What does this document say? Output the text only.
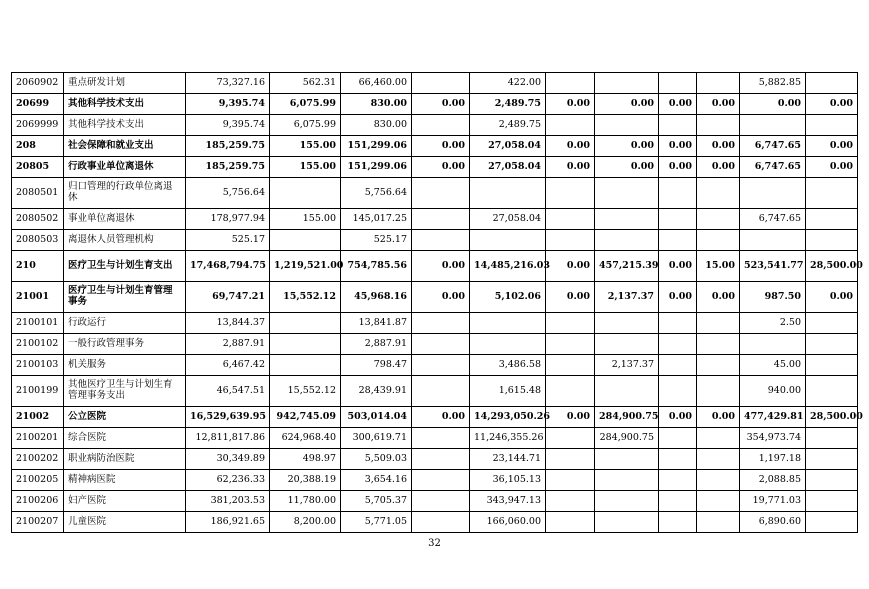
2060902	重点研发计划	73,327.16	562.31	66,460.00		422.00					5,882.85	
20699	其他科学技术支出	9,395.74	6,075.99	830.00	0.00	2,489.75	0.00	0.00	0.00	0.00	0.00	0.00
2069999	其他科学技术支出	9,395.74	6,075.99	830.00		2,489.75						
208	社会保障和就业支出	185,259.75	155.00	151,299.06	0.00	27,058.04	0.00	0.00	0.00	0.00	6,747.65	0.00
20805	行政事业单位离退休	185,259.75	155.00	151,299.06	0.00	27,058.04	0.00	0.00	0.00	0.00	6,747.65	0.00
2080501	归口管理的行政单位离退休	5,756.64		5,756.64								
2080502	事业单位离退休	178,977.94	155.00	145,017.25		27,058.04					6,747.65	
2080503	离退休人员管理机构	525.17		525.17								
210	医疗卫生与计划生育支出	17,468,794.75	1,219,521.00	754,785.56	0.00	14,485,216.03	0.00	457,215.39	0.00	15.00	523,541.77	28,500.00
21001	医疗卫生与计划生育管理事务	69,747.21	15,552.12	45,968.16	0.00	5,102.06	0.00	2,137.37	0.00	0.00	987.50	0.00
2100101	行政运行	13,844.37		13,841.87							2.50	
2100102	一般行政管理事务	2,887.91		2,887.91								
2100103	机关服务	6,467.42		798.47		3,486.58		2,137.37			45.00	
2100199	其他医疗卫生与计划生育管理事务支出	46,547.51	15,552.12	28,439.91		1,615.48					940.00	
21002	公立医院	16,529,639.95	942,745.09	503,014.04	0.00	14,293,050.26	0.00	284,900.75	0.00	0.00	477,429.81	28,500.00
2100201	综合医院	12,811,817.86	624,968.40	300,619.71		11,246,355.26		284,900.75			354,973.74	
2100202	职业病防治医院	30,349.89	498.97	5,509.03		23,144.71					1,197.18	
2100205	精神病医院	62,236.33	20,388.19	3,654.16		36,105.13					2,088.85	
2100206	妇产医院	381,203.53	11,780.00	5,705.37		343,947.13					19,771.03	
2100207	儿童医院	186,921.65	8,200.00	5,771.05		166,060.00					6,890.60	
32
